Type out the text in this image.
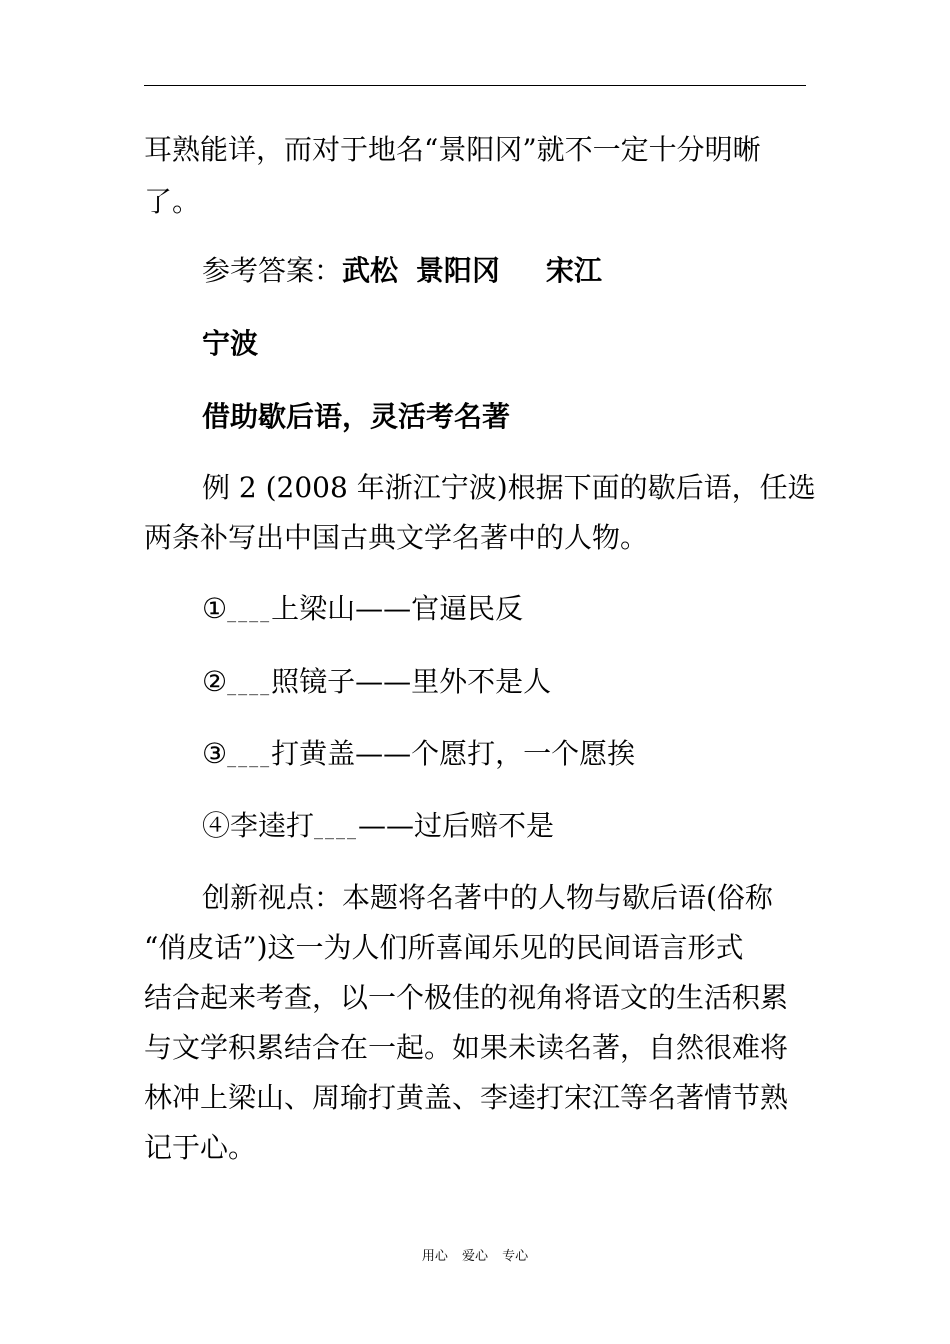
耳熟能详，而对于地名“景阳冈”就不一定十分明晰
了。
参考答案：武松 景阳冈 宋江
宁波
借助歇后语，灵活考名著
例 2 (2008 年浙江宁波)根据下面的歇后语，任选
两条补写出中国古典文学名著中的人物。
①____上梁山——官逼民反
②____照镜子——里外不是人
③____打黄盖——个愿打，一个愿挨
④李逵打____——过后赔不是
创新视点：本题将名著中的人物与歇后语(俗称
“俏皮话”)这一为人们所喜闻乐见的民间语言形式
结合起来考查，以一个极佳的视角将语文的生活积累
与文学积累结合在一起。如果未读名著，自然很难将
林冲上梁山、周瑜打黄盖、李逵打宋江等名著情节熟
记于心。
用心 爱心 专心
